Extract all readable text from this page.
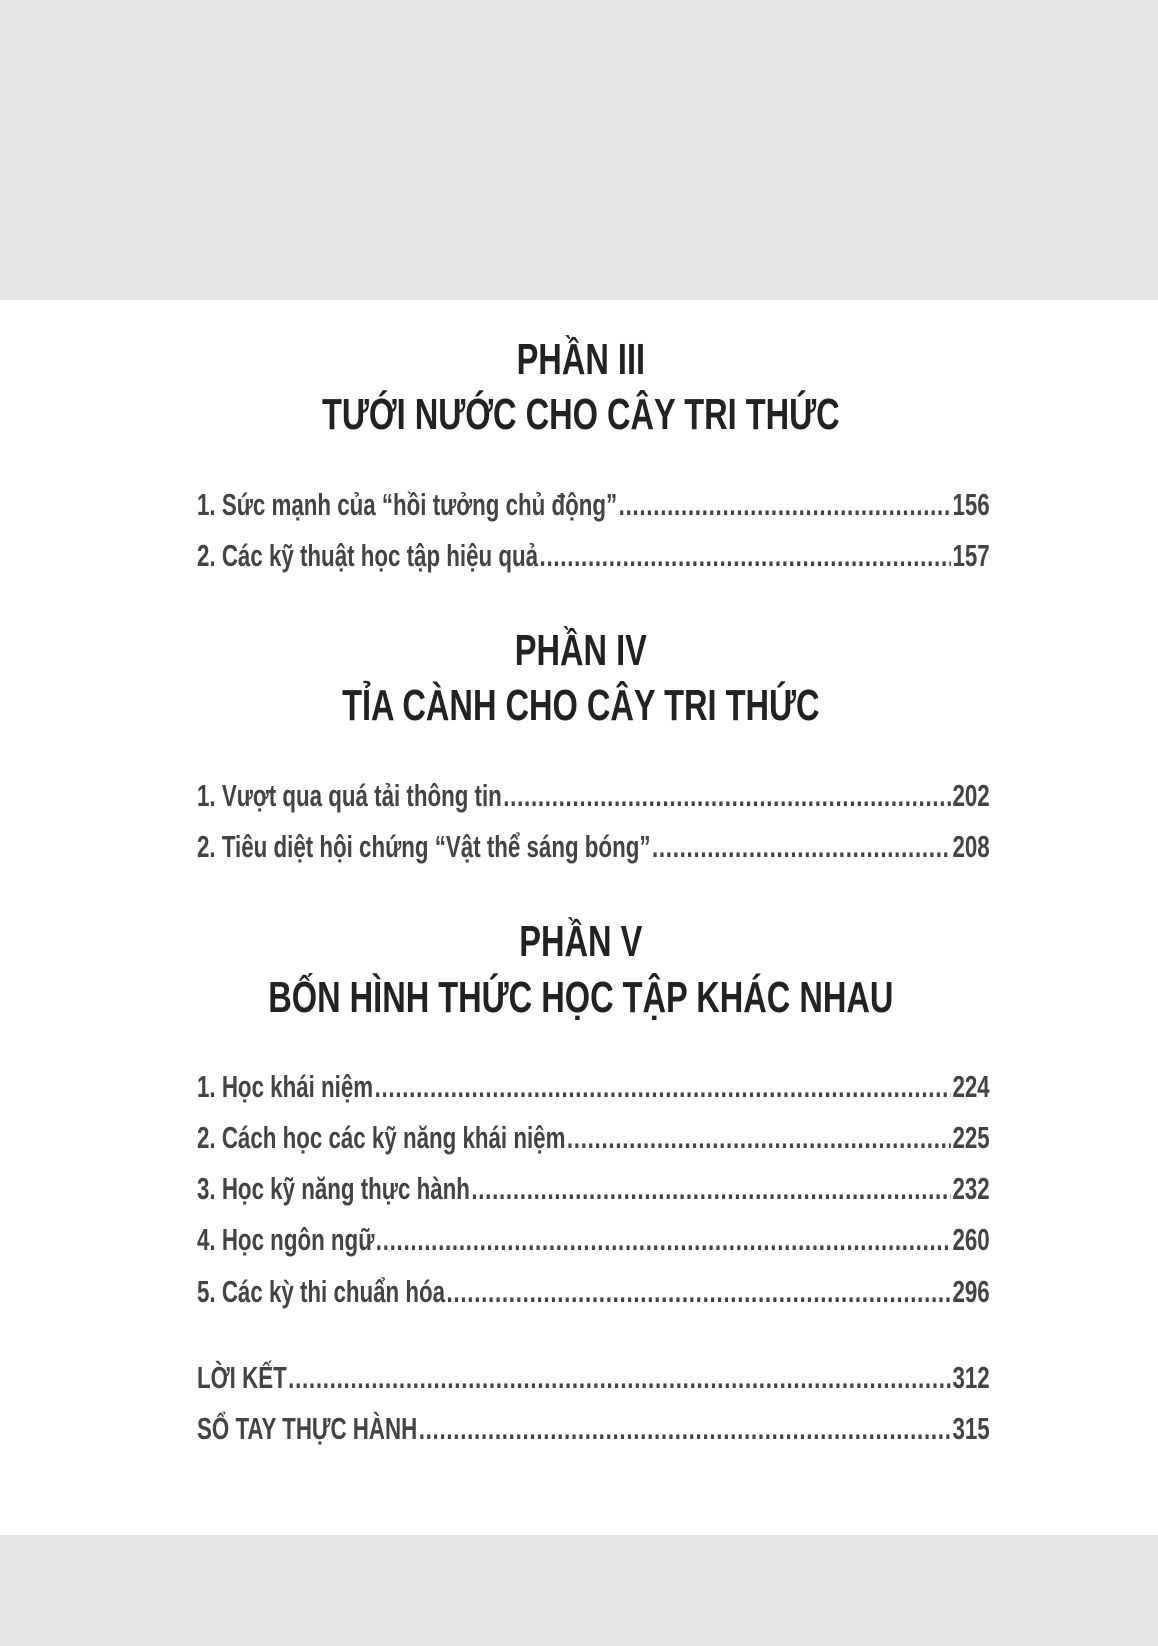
PHẦN III
TƯỚI NƯỚC CHO CÂY TRI THỨC
1. Sức mạnh của “hồi tưởng chủ động” .....	156
2. Các kỹ thuật học tập hiệu quả .....	157
PHẦN IV
TỈA CÀNH CHO CÂY TRI THỨC
1. Vượt qua quá tải thông tin .....	202
2. Tiêu diệt hội chứng “Vật thể sáng bóng” .....	208
PHẦN V
BỐN HÌNH THỨC HỌC TẬP KHÁC NHAU
1. Học khái niệm .....	224
2. Cách học các kỹ năng khái niệm .....	225
3. Học kỹ năng thực hành .....	232
4. Học ngôn ngữ .....	260
5. Các kỳ thi chuẩn hóa .....	296
LỜI KẾT .....	312
SỔ TAY THỰC HÀNH .....	315
